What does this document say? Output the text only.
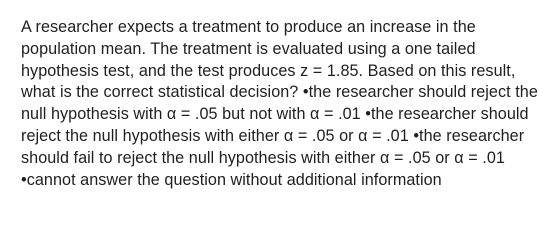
A researcher expects a treatment to produce an increase in the population mean. The treatment is evaluated using a one tailed hypothesis test, and the test produces z = 1.85. Based on this result, what is the correct statistical decision? •the researcher should reject the null hypothesis with α = .05 but not with α = .01 •the researcher should reject the null hypothesis with either α = .05 or α = .01 •the researcher should fail to reject the null hypothesis with either α = .05 or α = .01 •cannot answer the question without additional information
